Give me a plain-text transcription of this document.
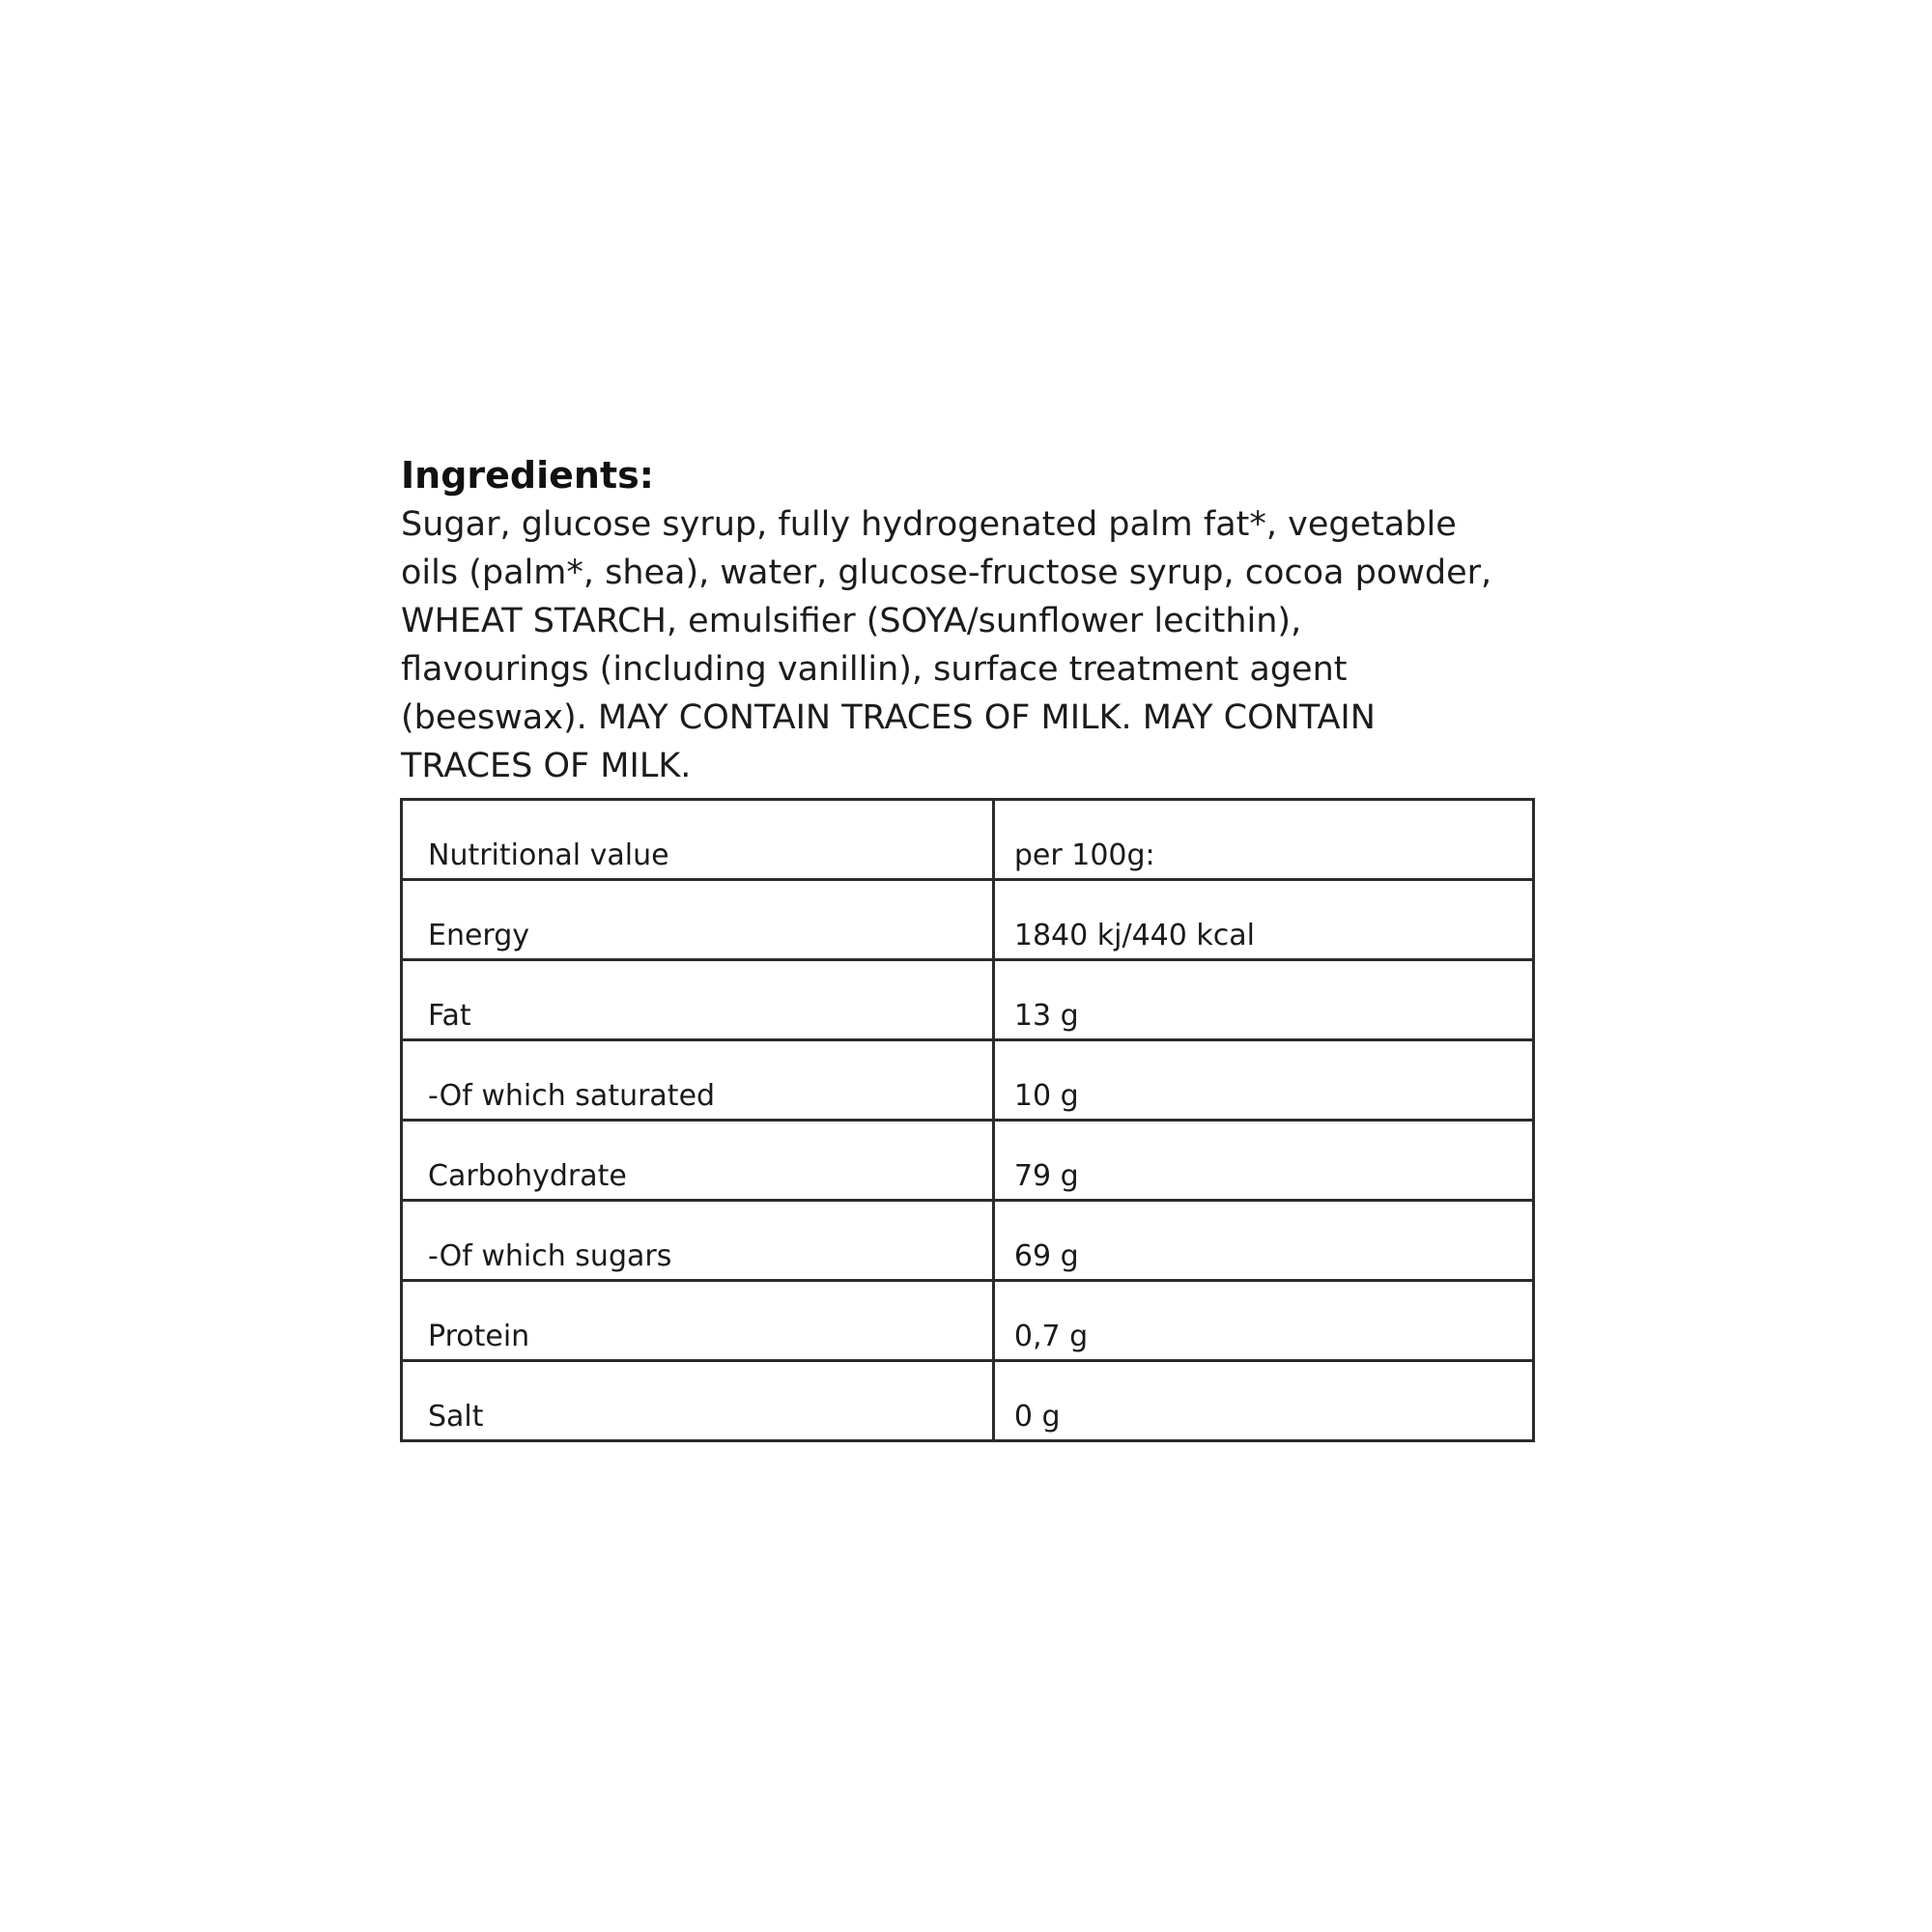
Ingredients:
Sugar, glucose syrup, fully hydrogenated palm fat*, vegetable
oils (palm*, shea), water, glucose-fructose syrup, cocoa powder,
WHEAT STARCH, emulsifier (SOYA/sunflower lecithin),
flavourings (including vanillin), surface treatment agent
(beeswax). MAY CONTAIN TRACES OF MILK. MAY CONTAIN
TRACES OF MILK.
Nutritional value	per 100g:
Energy	1840 kj/440 kcal
Fat	13 g
-Of which saturated	10 g
Carbohydrate	79 g
-Of which sugars	69 g
Protein	0,7 g
Salt	0 g
